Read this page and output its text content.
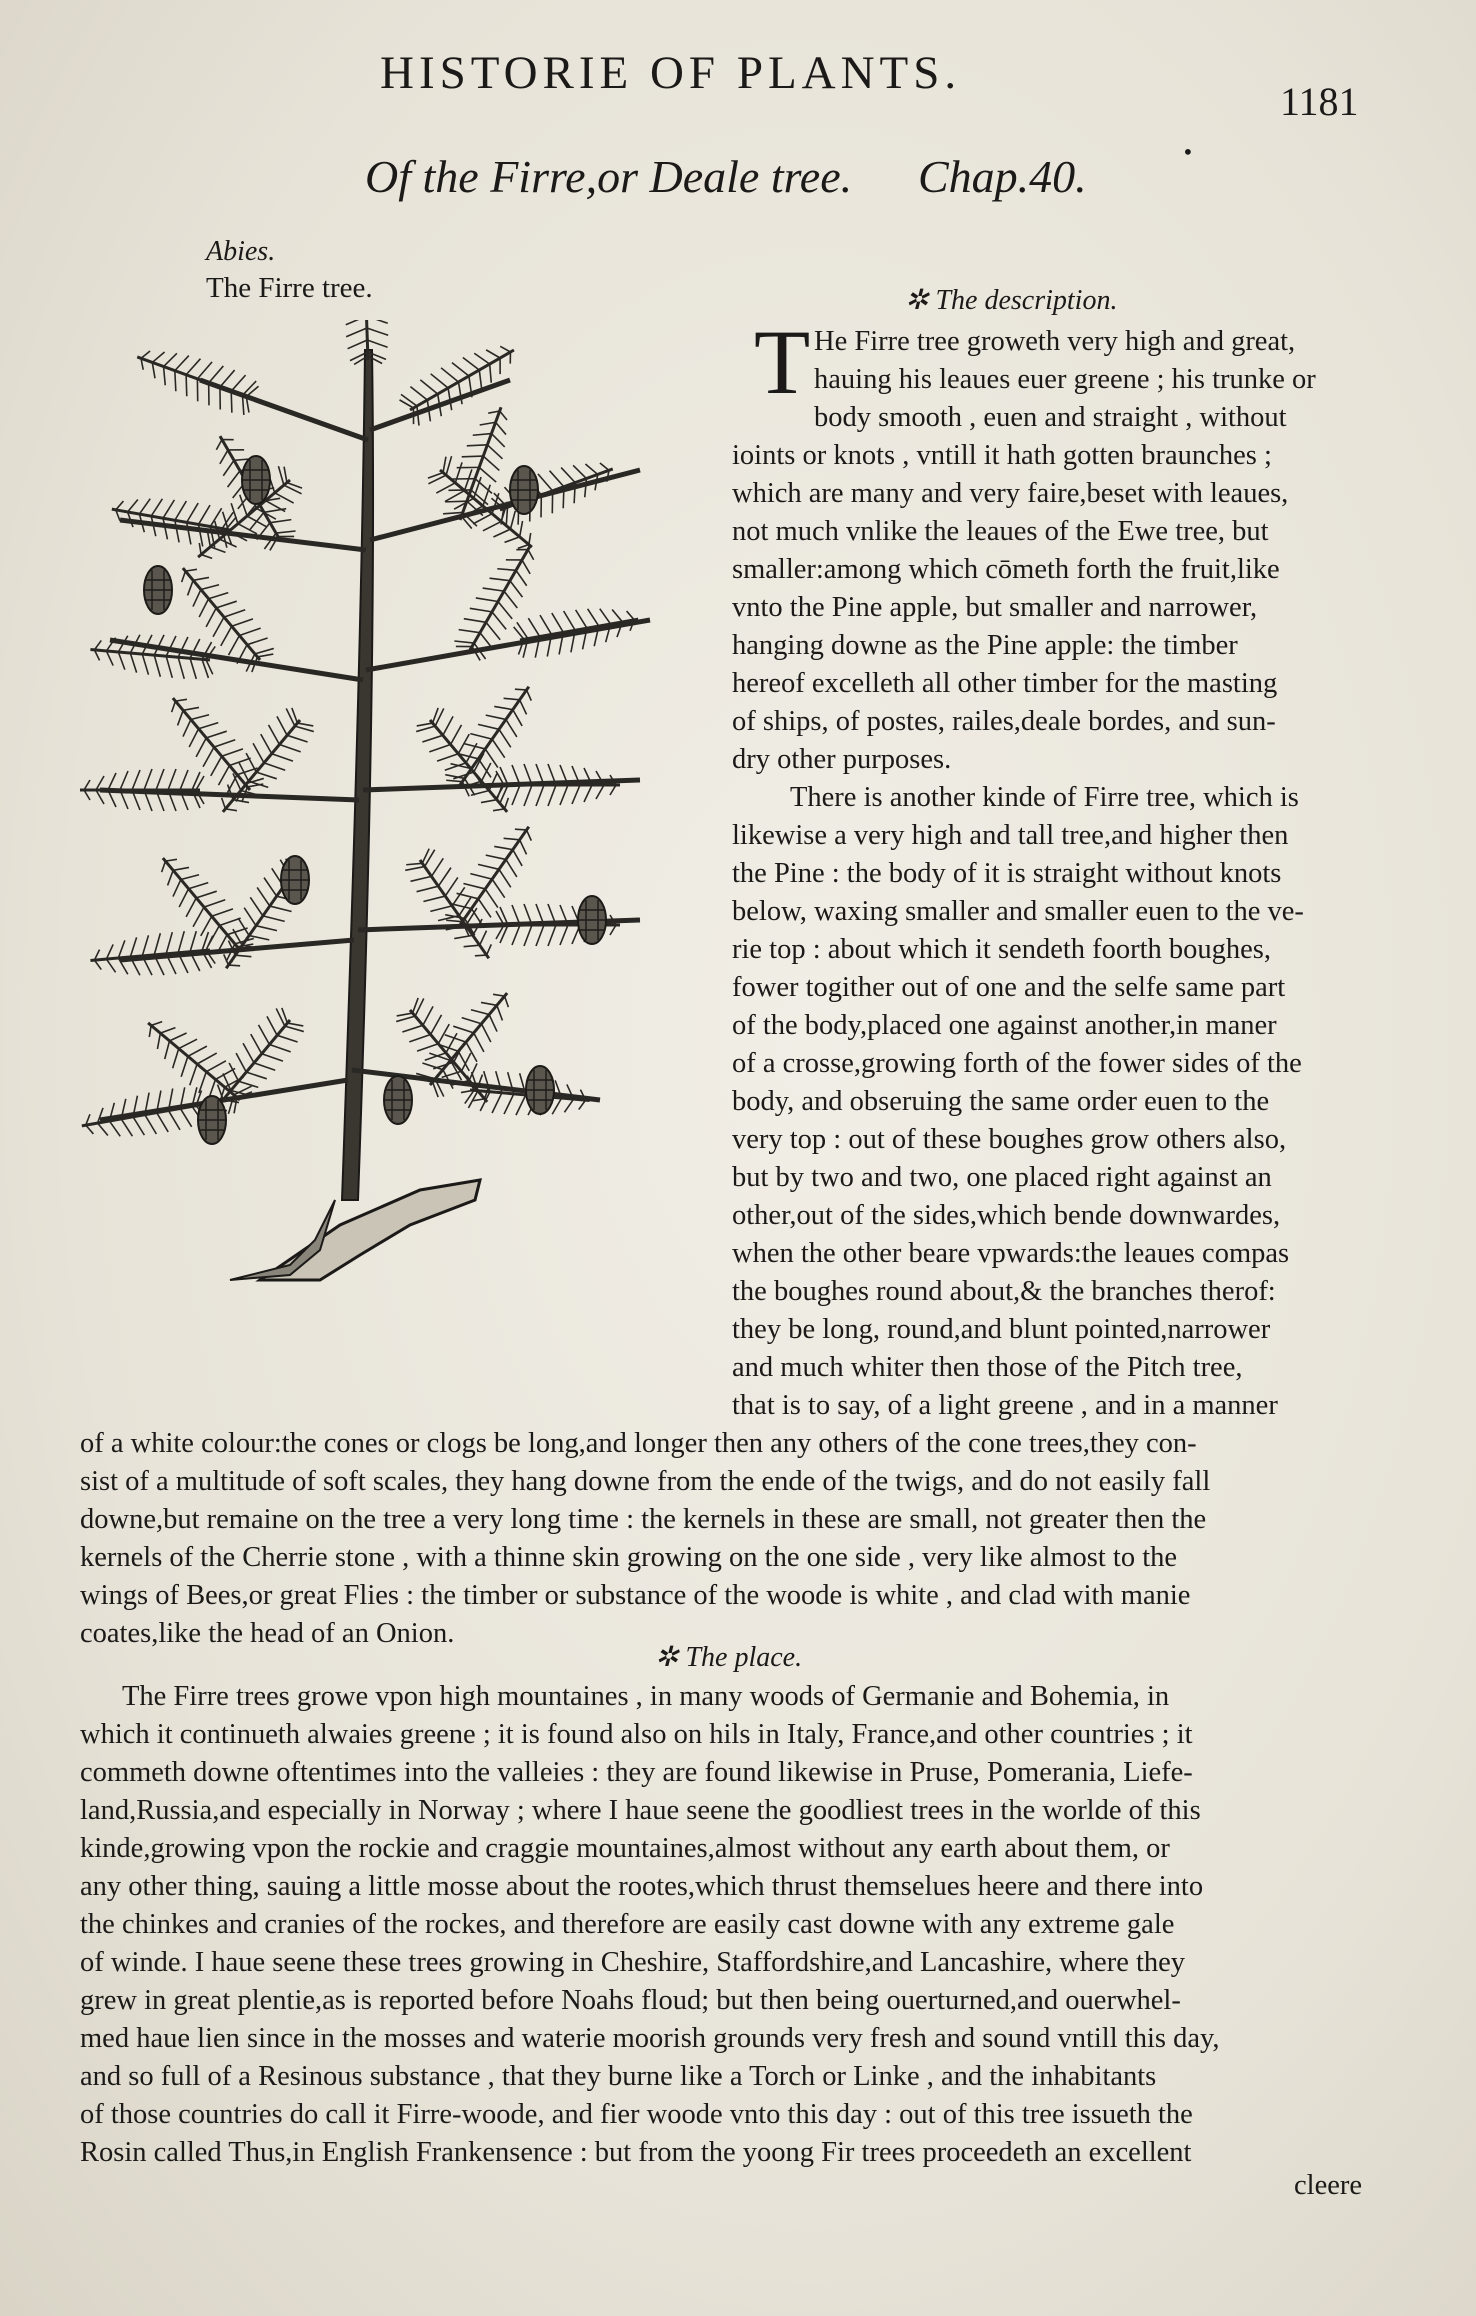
HISTORIE OF PLANTS.
1181
•
Of the Firre,or Deale tree. Chap.40.
Abies.
The Firre tree.	✲ The description.
T He Firre tree groweth very high and great,
hauing his leaues euer greene ; his trunke or
body smooth , euen and straight , without
ioints or knots , vntill it hath gotten braunches ;
which are many and very faire,beset with leaues,
not much vnlike the leaues of the Ewe tree, but
smaller:among which cōmeth forth the fruit,like
vnto the Pine apple, but smaller and narrower,
hanging downe as the Pine apple: the timber
hereof excelleth all other timber for the masting
of ships, of postes, railes,deale bordes, and sun-
dry other purposes.
There is another kinde of Firre tree, which is
likewise a very high and tall tree,and higher then
the Pine : the body of it is straight without knots
below, waxing smaller and smaller euen to the ve-
rie top : about which it sendeth foorth boughes,
fower togither out of one and the selfe same part
of the body,placed one against another,in maner
of a crosse,growing forth of the fower sides of the
body, and obseruing the same order euen to the
very top : out of these boughes grow others also,
but by two and two, one placed right against an
other,out of the sides,which bende downwardes,
when the other beare vpwards:the leaues compas
the boughes round about,& the branches therof:
they be long, round,and blunt pointed,narrower
and much whiter then those of the Pitch tree,
that is to say, of a light greene , and in a manner
of a white colour:the cones or clogs be long,and longer then any others of the cone trees,they con-
sist of a multitude of soft scales, they hang downe from the ende of the twigs, and do not easily fall
downe,but remaine on the tree a very long time : the kernels in these are small, not greater then the
kernels of the Cherrie stone , with a thinne skin growing on the one side , very like almost to the
wings of Bees,or great Flies : the timber or substance of the woode is white , and clad with manie
coates,like the head of an Onion.
✲ The place.
The Firre trees growe vpon high mountaines , in many woods of Germanie and Bohemia, in
which it continueth alwaies greene ; it is found also on hils in Italy, France,and other countries ; it
commeth downe oftentimes into the valleies : they are found likewise in Pruse, Pomerania, Liefe-
land,Russia,and especially in Norway ; where I haue seene the goodliest trees in the worlde of this
kinde,growing vpon the rockie and craggie mountaines,almost without any earth about them, or
any other thing, sauing a little mosse about the rootes,which thrust themselues heere and there into
the chinkes and cranies of the rockes, and therefore are easily cast downe with any extreme gale
of winde. I haue seene these trees growing in Cheshire, Staffordshire,and Lancashire, where they
grew in great plentie,as is reported before Noahs floud; but then being ouerturned,and ouerwhel-
med haue lien since in the mosses and waterie moorish grounds very fresh and sound vntill this day,
and so full of a Resinous substance , that they burne like a Torch or Linke , and the inhabitants
of those countries do call it Firre-woode, and fier woode vnto this day : out of this tree issueth the
Rosin called Thus,in English Frankensence : but from the yoong Fir trees proceedeth an excellent
cleere
